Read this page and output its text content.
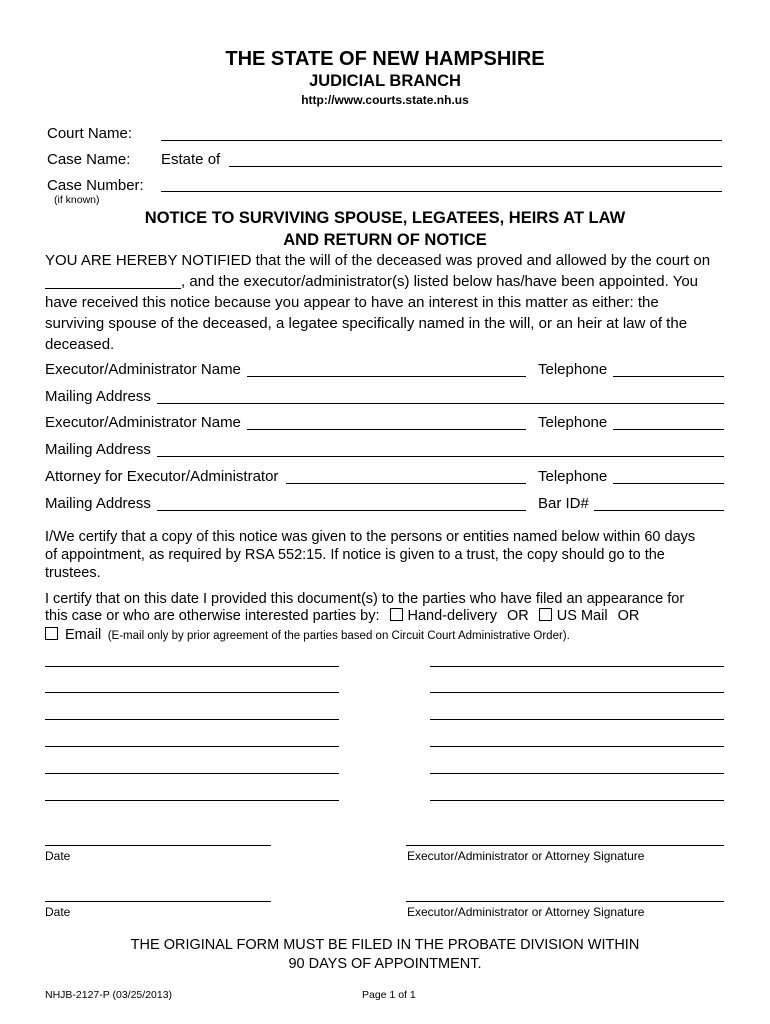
THE STATE OF NEW HAMPSHIRE
JUDICIAL BRANCH
http://www.courts.state.nh.us
Court Name:
Case Name: Estate of
Case Number:
(if known)
NOTICE TO SURVIVING SPOUSE, LEGATEES, HEIRS AT LAW
AND RETURN OF NOTICE
YOU ARE HEREBY NOTIFIED that the will of the deceased was proved and allowed by the court on
, and the executor/administrator(s) listed below has/have been appointed. You
have received this notice because you appear to have an interest in this matter as either: the
surviving spouse of the deceased, a legatee specifically named in the will, or an heir at law of the
deceased.
Executor/Administrator Name	Telephone
Mailing Address
Executor/Administrator Name	Telephone
Mailing Address
Attorney for Executor/Administrator	Telephone
Mailing Address	Bar ID#
I/We certify that a copy of this notice was given to the persons or entities named below within 60 days
of appointment, as required by RSA 552:15. If notice is given to a trust, the copy should go to the
trustees.
I certify that on this date I provided this document(s) to the parties who have filed an appearance for
this case or who are otherwise interested parties by: Hand-delivery OR US Mail OR
Email (E-mail only by prior agreement of the parties based on Circuit Court Administrative Order).
Date	Executor/Administrator or Attorney Signature
Date	Executor/Administrator or Attorney Signature
THE ORIGINAL FORM MUST BE FILED IN THE PROBATE DIVISION WITHIN
90 DAYS OF APPOINTMENT.
NHJB-2127-P (03/25/2013)	Page 1 of 1
